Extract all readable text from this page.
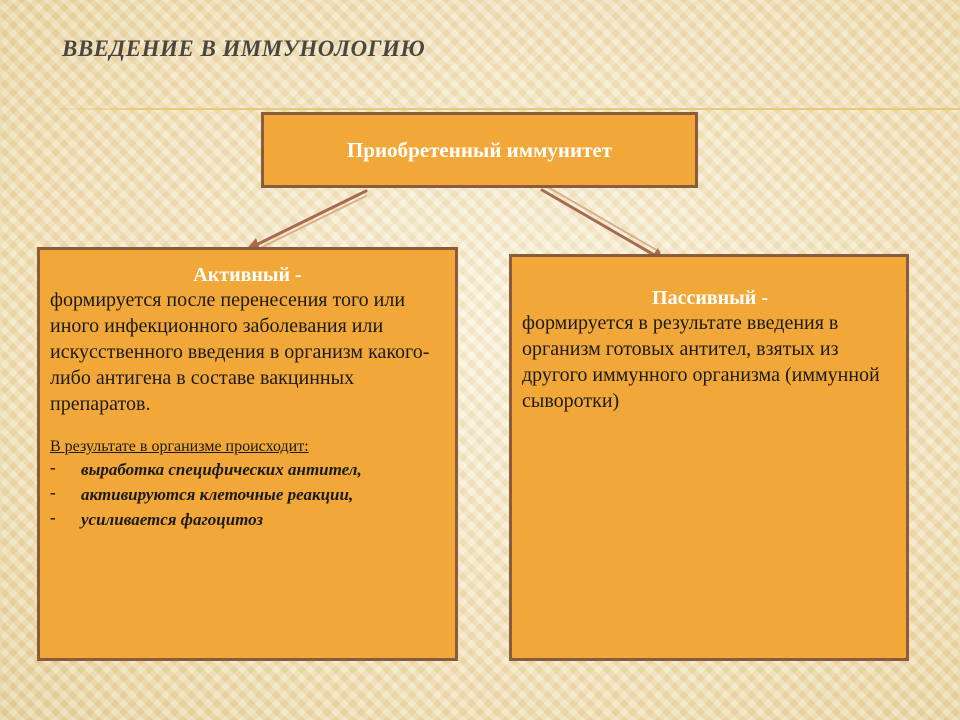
ВВЕДЕНИЕ В ИММУНОЛОГИЮ
Приобретенный иммунитет
Активный -
формируется после перенесения того или иного инфекционного заболевания или искусственного введения в организм какого-либо антигена в составе вакцинных препаратов.
В результате в организме происходит:
- выработка специфических антител,
- активируются клеточные реакции,
- усиливается фагоцитоз
Пассивный -
формируется в результате введения в организм готовых антител, взятых из другого иммунного организма (иммунной сыворотки)
